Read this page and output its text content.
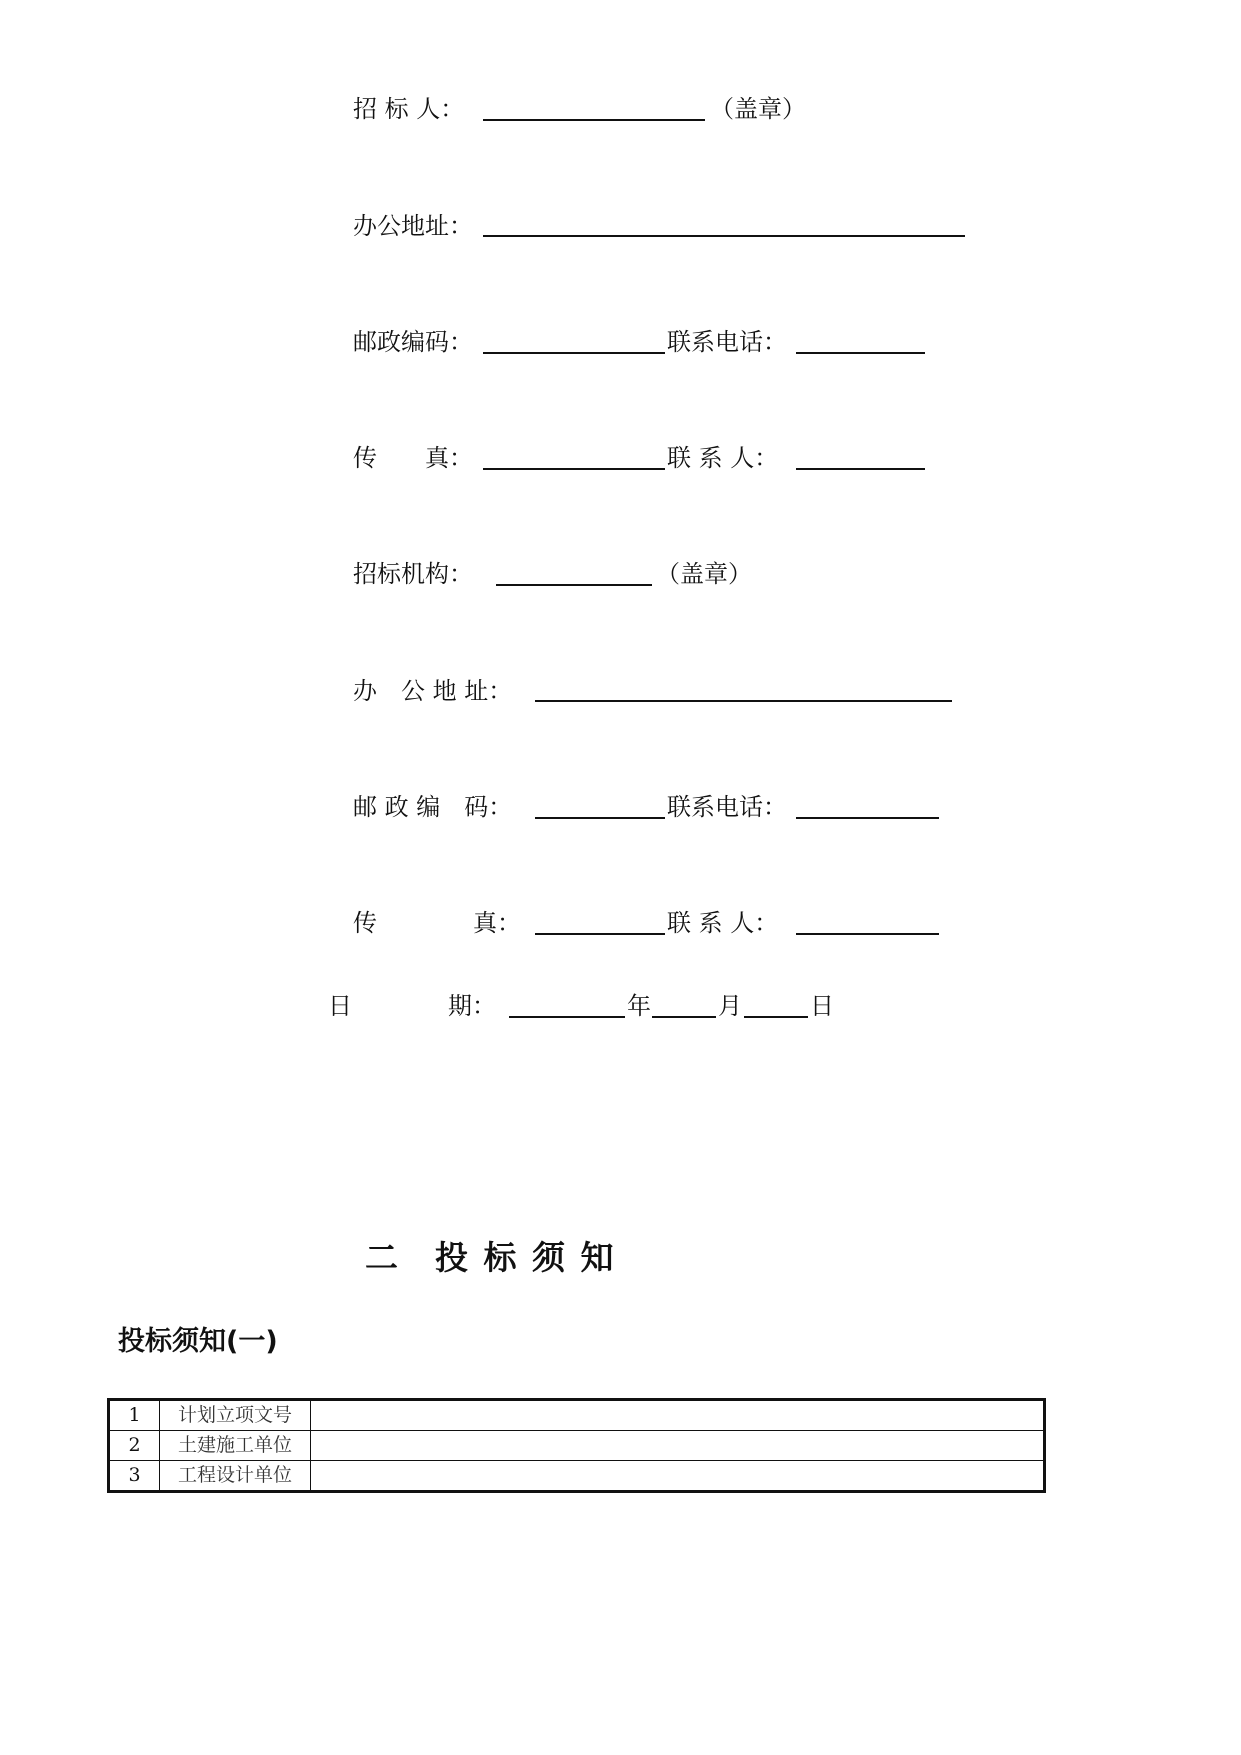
招 标 人：	（盖章）
办公地址：
邮政编码：	联系电话：
传　　真：	联 系 人：
招标机构：	（盖章）
办　公 地 址：
邮 政 编　码：	联系电话：
传　　　　真：	联 系 人：
日　　　　期：	年	月	日
二　投 标 须 知
投标须知(一)
1	计划立项文号	
2	土建施工单位	
3	工程设计单位	
